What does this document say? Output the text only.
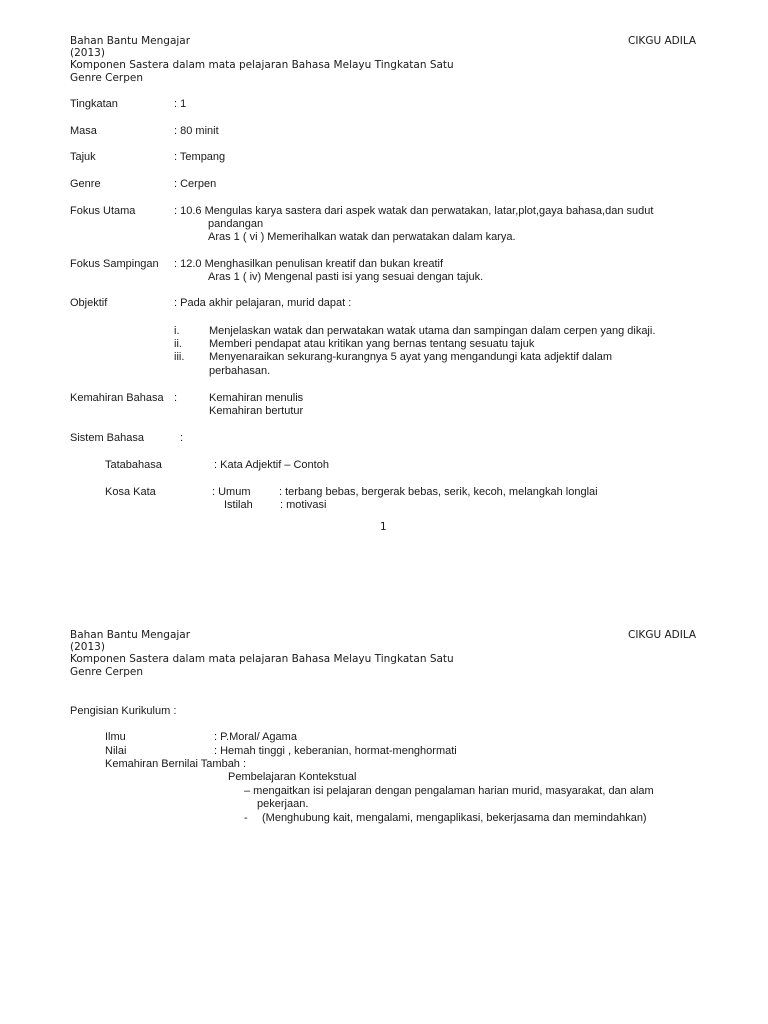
Bahan Bantu Mengajar	CIKGU ADILA
(2013)
Komponen Sastera dalam mata pelajaran Bahasa Melayu Tingkatan Satu
Genre Cerpen
Tingkatan	: 1
Masa	: 80 minit
Tajuk	: Tempang
Genre	: Cerpen
Fokus Utama	: 10.6 Mengulas karya sastera dari aspek watak dan perwatakan, latar,plot,gaya bahasa,dan sudut
pandangan
Aras 1 ( vi ) Memerihalkan watak dan perwatakan dalam karya.
Fokus Sampingan : 12.0 Menghasilkan penulisan kreatif dan bukan kreatif
Aras 1 ( iv) Mengenal pasti isi yang sesuai dengan tajuk.
Objektif	: Pada akhir pelajaran, murid dapat :
i.	Menjelaskan watak dan perwatakan watak utama dan sampingan dalam cerpen yang dikaji.
ii. Memberi pendapat atau kritikan yang bernas tentang sesuatu tajuk
iii. Menyenaraikan sekurang-kurangnya 5 ayat yang mengandungi kata adjektif dalam
perbahasan.
Kemahiran Bahasa :	Kemahiran menulis
Kemahiran bertutur
Sistem Bahasa	:
Tatabahasa	: Kata Adjektif – Contoh
Kosa Kata	: Umum	: terbang bebas, bergerak bebas, serik, kecoh, melangkah longlai
Istilah : motivasi
1
Bahan Bantu Mengajar	CIKGU ADILA
(2013)
Komponen Sastera dalam mata pelajaran Bahasa Melayu Tingkatan Satu
Genre Cerpen
Pengisian Kurikulum :
Ilmu	: P.Moral/ Agama
Nilai	: Hemah tinggi , keberanian, hormat-menghormati
Kemahiran Bernilai Tambah :
Pembelajaran Kontekstual
– mengaitkan isi pelajaran dengan pengalaman harian murid, masyarakat, dan alam
pekerjaan.
- (Menghubung kait, mengalami, mengaplikasi, bekerjasama dan memindahkan)
